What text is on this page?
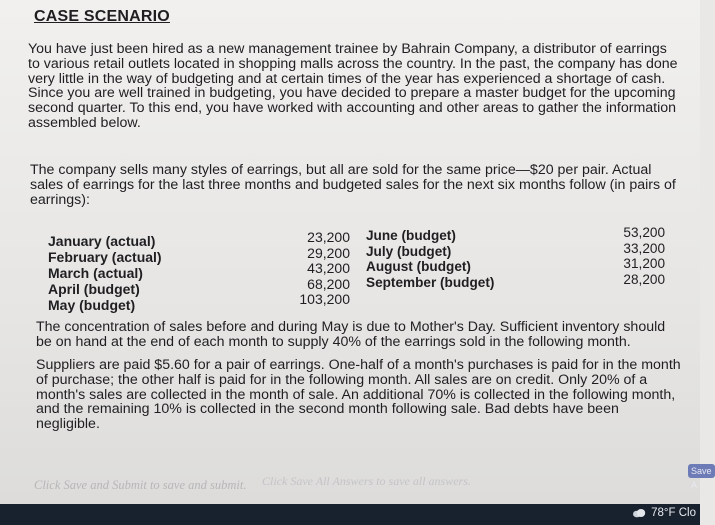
CASE SCENARIO

You have just been hired as a new management trainee by Bahrain Company, a distributor of earrings to various retail outlets located in shopping malls across the country. In the past, the company has done very little in the way of budgeting and at certain times of the year has experienced a shortage of cash. Since you are well trained in budgeting, you have decided to prepare a master budget for the upcoming second quarter. To this end, you have worked with accounting and other areas to gather the information assembled below.

The company sells many styles of earrings, but all are sold for the same price—$20 per pair. Actual sales of earrings for the last three months and budgeted sales for the next six months follow (in pairs of earrings):

January (actual)
February (actual)
March (actual)
April (budget)
May (budget)
23,200
29,200
43,200
68,200
103,200
June (budget)
July (budget)
August (budget)
September (budget)
53,200
33,200
31,200
28,200

The concentration of sales before and during May is due to Mother's Day. Sufficient inventory should be on hand at the end of each month to supply 40% of the earrings sold in the following month.

Suppliers are paid $5.60 for a pair of earrings. One-half of a month's purchases is paid for in the month of purchase; the other half is paid for in the following month. All sales are on credit. Only 20% of a month's sales are collected in the month of sale. An additional 70% is collected in the following month, and the remaining 10% is collected in the second month following sale. Bad debts have been negligible.

Click Save and Submit to save and submit. Click Save All Answers to save all answers.
Save A
78°F Clo
